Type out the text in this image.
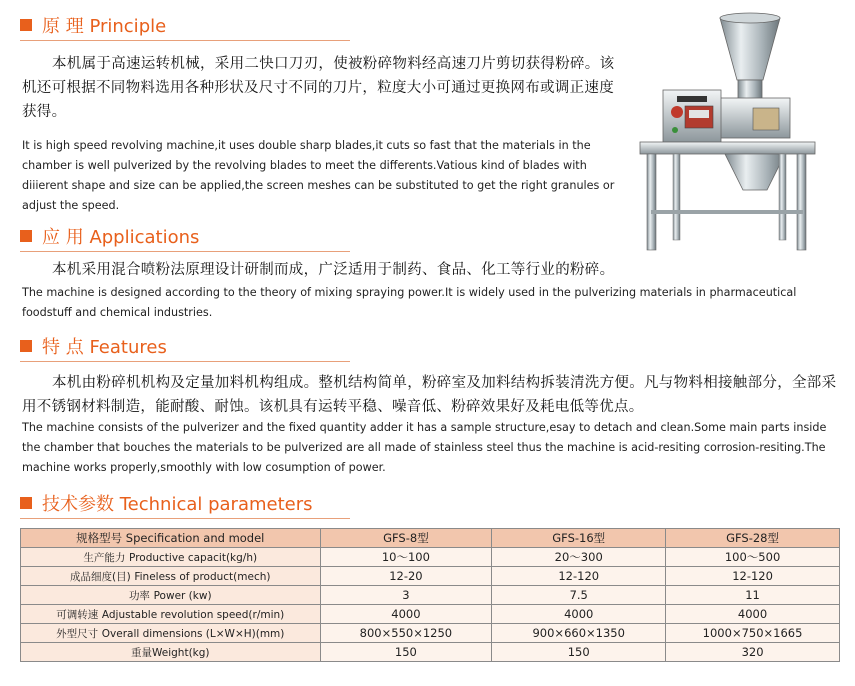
原 理 Principle
本机属于高速运转机械，采用二快口刀刃，使被粉碎物料经高速刀片剪切获得粉碎。该机还可根据不同物料选用各种形状及尺寸不同的刀片，粒度大小可通过更换网布或调正速度获得。
It is high speed revolving machine,it uses double sharp blades,it cuts so fast that the materials in the chamber is well pulverized by the revolving blades to meet the differents.Vatious kind of blades with diiierent shape and size can be applied,the screen meshes can be substituted to get the right granules or adjust the speed.
应 用 Applications
本机采用混合喷粉法原理设计研制而成，广泛适用于制药、食品、化工等行业的粉碎。
The machine is designed according to the theory of mixing spraying power.It is widely used in the pulverizing materials in pharmaceutical foodstuff and chemical industries.
特 点 Features
本机由粉碎机机构及定量加料机构组成。整机结构简单，粉碎室及加料结构拆装清洗方便。凡与物料相接触部分，全部采用不锈钢材料制造，能耐酸、耐蚀。该机具有运转平稳、噪音低、粉碎效果好及耗电低等优点。
The machine consists of the pulverizer and the fixed quantity adder it has a sample structure,esay to detach and clean.Some main parts inside the chamber that bouches the materials to be pulverized are all made of stainless steel thus the machine is acid-resiting corrosion-resiting.The machine works properly,smoothly with low cosumption of power.
技术参数 Technical parameters
规格型号 Specification and model	GFS-8型	GFS-16型	GFS-28型
生产能力 Productive capacit(kg/h)	10～100	20～300	100～500
成品细度(目) Fineless of product(mech)	12-20	12-120	12-120
功率 Power (kw)	3	7.5	11
可调转速 Adjustable revolution speed(r/min)	4000	4000	4000
外型尺寸 Overall dimensions (L×W×H)(mm)	800×550×1250	900×660×1350	1000×750×1665
重量Weight(kg)	150	150	320
